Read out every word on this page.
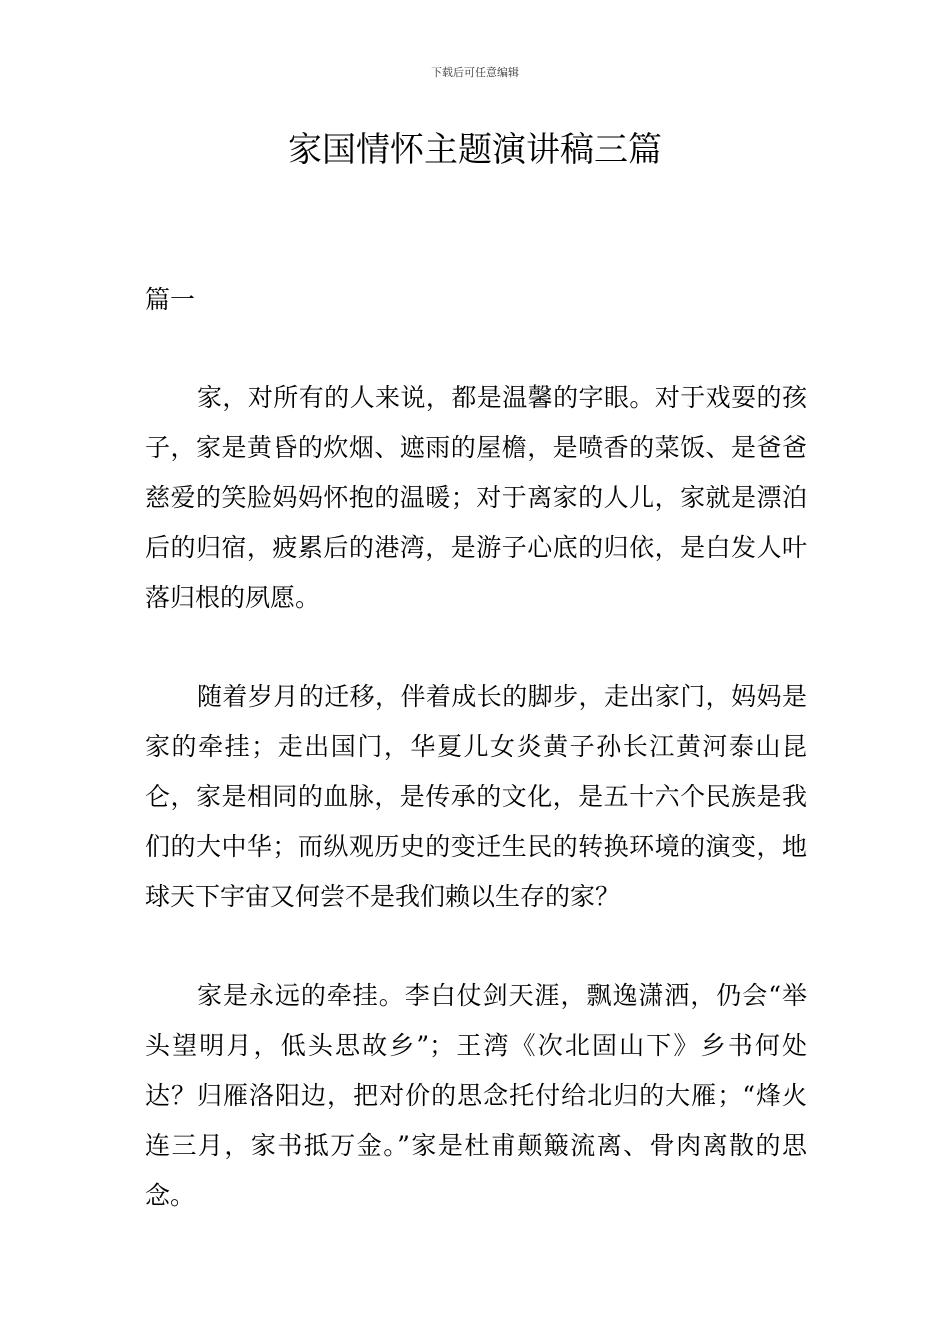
下载后可任意编辑
家国情怀主题演讲稿三篇
篇一

家，对所有的人来说，都是温馨的字眼。对于戏耍的孩子，家是黄昏的炊烟、遮雨的屋檐，是喷香的菜饭、是爸爸慈爱的笑脸妈妈怀抱的温暖；对于离家的人儿，家就是漂泊后的归宿，疲累后的港湾，是游子心底的归依，是白发人叶落归根的夙愿。

随着岁月的迁移，伴着成长的脚步，走出家门，妈妈是家的牵挂；走出国门，华夏儿女炎黄子孙长江黄河泰山昆仑，家是相同的血脉，是传承的文化，是五十六个民族是我们的大中华；而纵观历史的变迁生民的转换环境的演变，地球天下宇宙又何尝不是我们赖以生存的家？

家是永远的牵挂。李白仗剑天涯，飘逸潇洒，仍会“举头望明月，低头思故乡”；王湾《次北固山下》乡书何处达？归雁洛阳边，把对价的思念托付给北归的大雁；“烽火连三月，家书抵万金。”家是杜甫颠簸流离、骨肉离散的思念。
